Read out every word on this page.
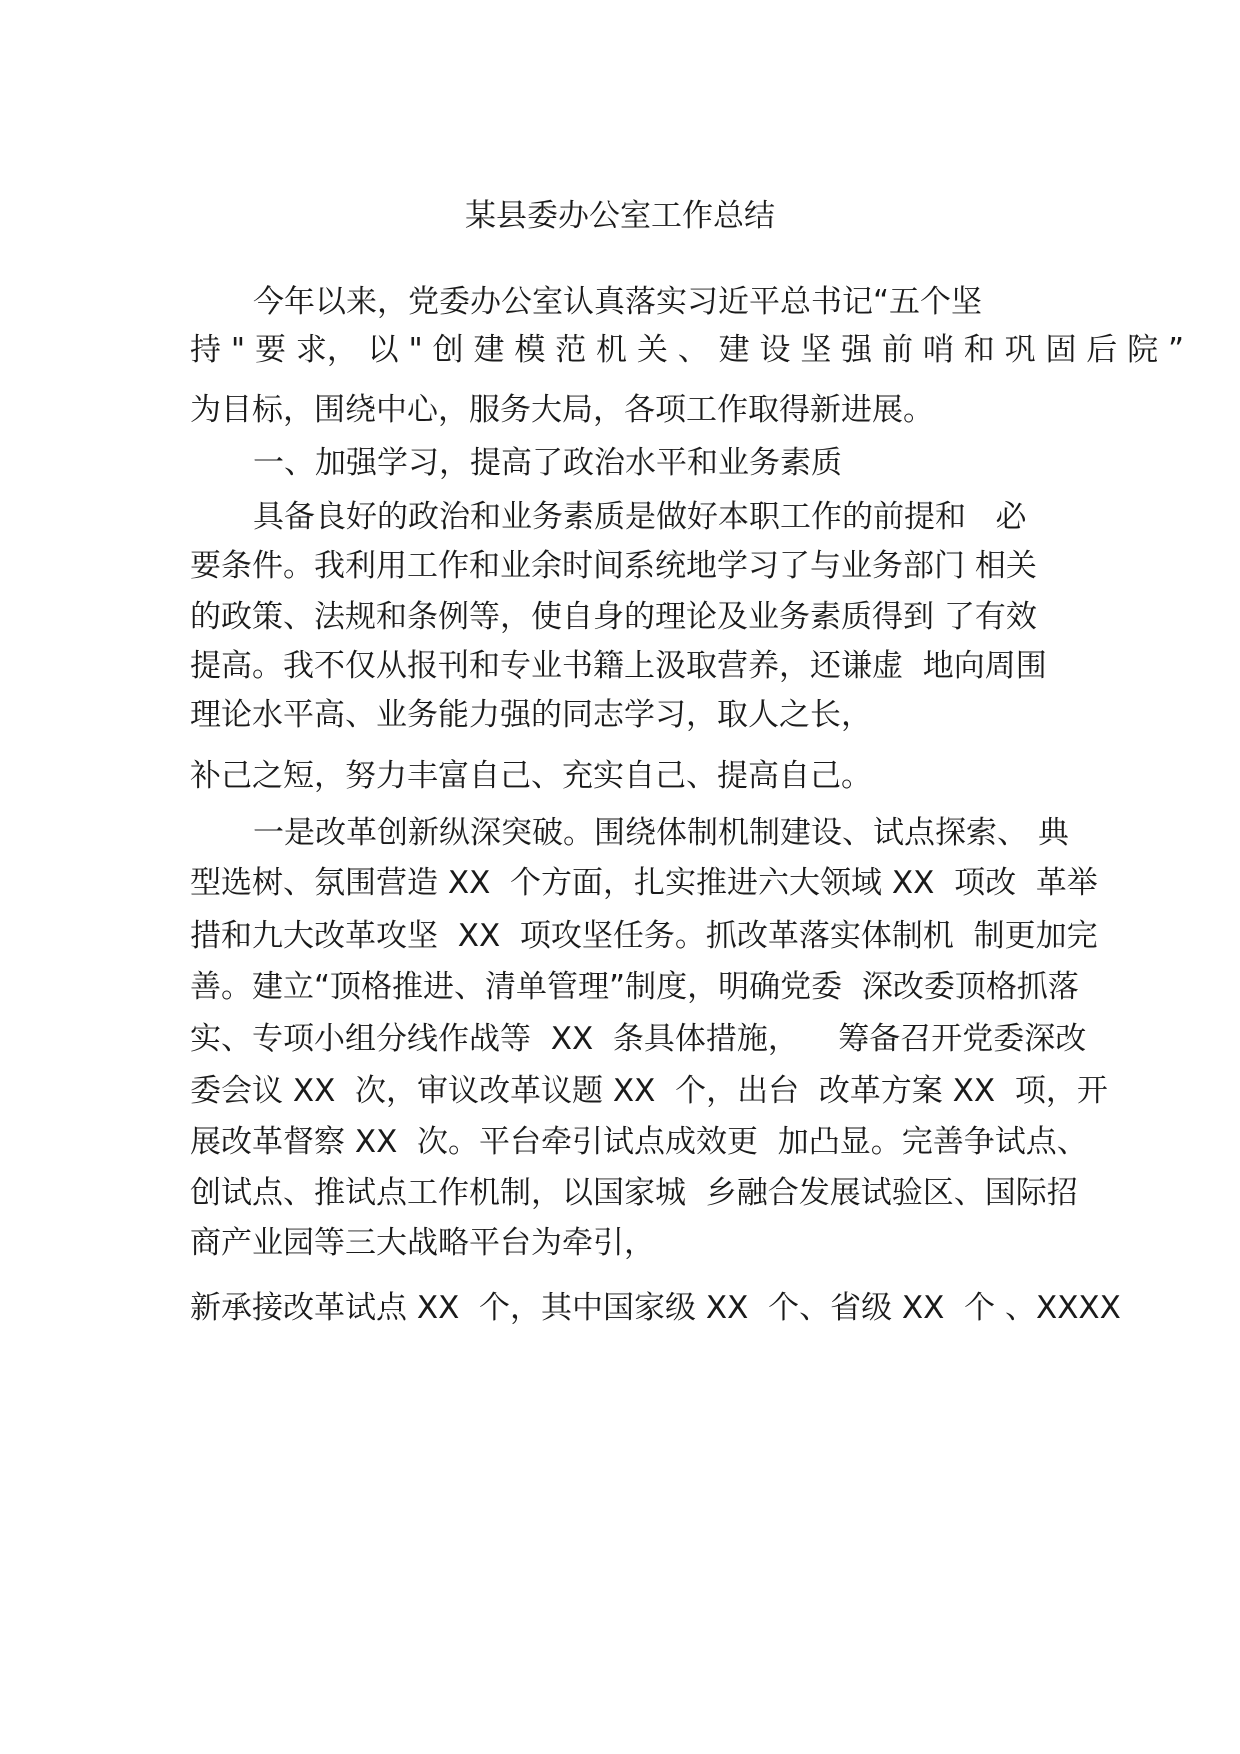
某县委办公室工作总结
今年以来，党委办公室认真落实习近平总书记“五个坚
持 " 要 求， 以 " 创 建 模 范 机 关 、 建 设 坚 强 前 哨 和 巩 固 后 院 ”
为目标，围绕中心，服务大局，各项工作取得新进展。
一、加强学习，提高了政治水平和业务素质
具备良好的政治和业务素质是做好本职工作的前提和   必
要条件。我利用工作和业余时间系统地学习了与业务部门 相关
的政策、法规和条例等，使自身的理论及业务素质得到 了有效
提高。我不仅从报刊和专业书籍上汲取营养，还谦虚  地向周围
理论水平高、业务能力强的同志学习，取人之长，
补己之短，努力丰富自己、充实自己、提高自己。
一是改革创新纵深突破。围绕体制机制建设、试点探索、 典
型选树、氛围营造 XX  个方面，扎实推进六大领域 XX  项改  革举
措和九大改革攻坚  XX  项攻坚任务。抓改革落实体制机  制更加完
善。建立“顶格推进、清单管理”制度，明确党委  深改委顶格抓落
实、专项小组分线作战等  XX  条具体措施，    筹备召开党委深改
委会议 XX  次，审议改革议题 XX  个，出台  改革方案 XX  项，开
展改革督察 XX  次。平台牵引试点成效更  加凸显。完善争试点、
创试点、推试点工作机制，以国家城  乡融合发展试验区、国际招
商产业园等三大战略平台为牵引，
新承接改革试点 XX  个，其中国家级 XX  个、省级 XX  个 、XXXX
